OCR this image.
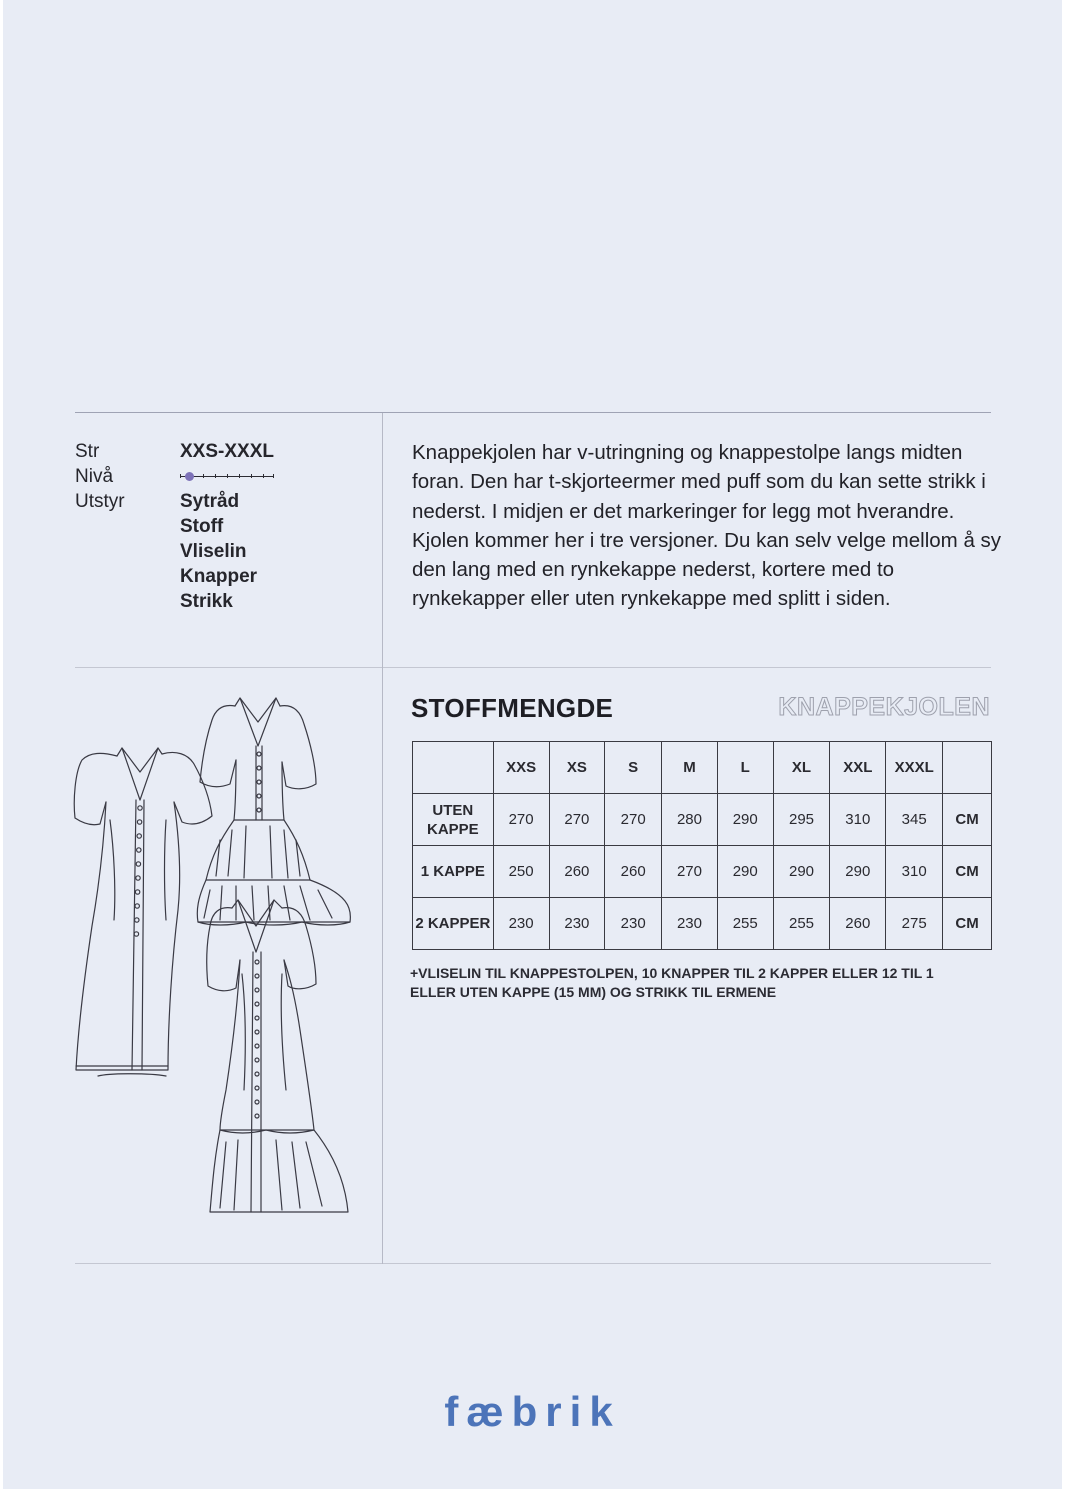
Str	XXS-XXXL
Nivå
Utstyr	Sytråd
Stoff
Vliselin
Knapper
Strikk
Knappekjolen har v-utringning og knappestolpe langs midten foran. Den har t-skjorteermer med puff som du kan sette strikk i nederst. I midjen er det markeringer for legg mot hverandre. Kjolen kommer her i tre versjoner. Du kan selv velge mellom å sy den lang med en rynkekappe nederst, kortere med to rynkekapper eller uten rynkekappe med splitt i siden.
STOFFMENGDE	KNAPPEKJOLEN
	XXS	XS	S	M	L	XL	XXL	XXXL	
UTEN KAPPE	270	270	270	280	290	295	310	345	CM
1 KAPPE	250	260	260	270	290	290	290	310	CM
2 KAPPER	230	230	230	230	255	255	260	275	CM
+VLISELIN TIL KNAPPESTOLPEN, 10 KNAPPER TIL 2 KAPPER ELLER 12 TIL 1 ELLER UTEN KAPPE (15 MM) OG STRIKK TIL ERMENE
fæbrik
